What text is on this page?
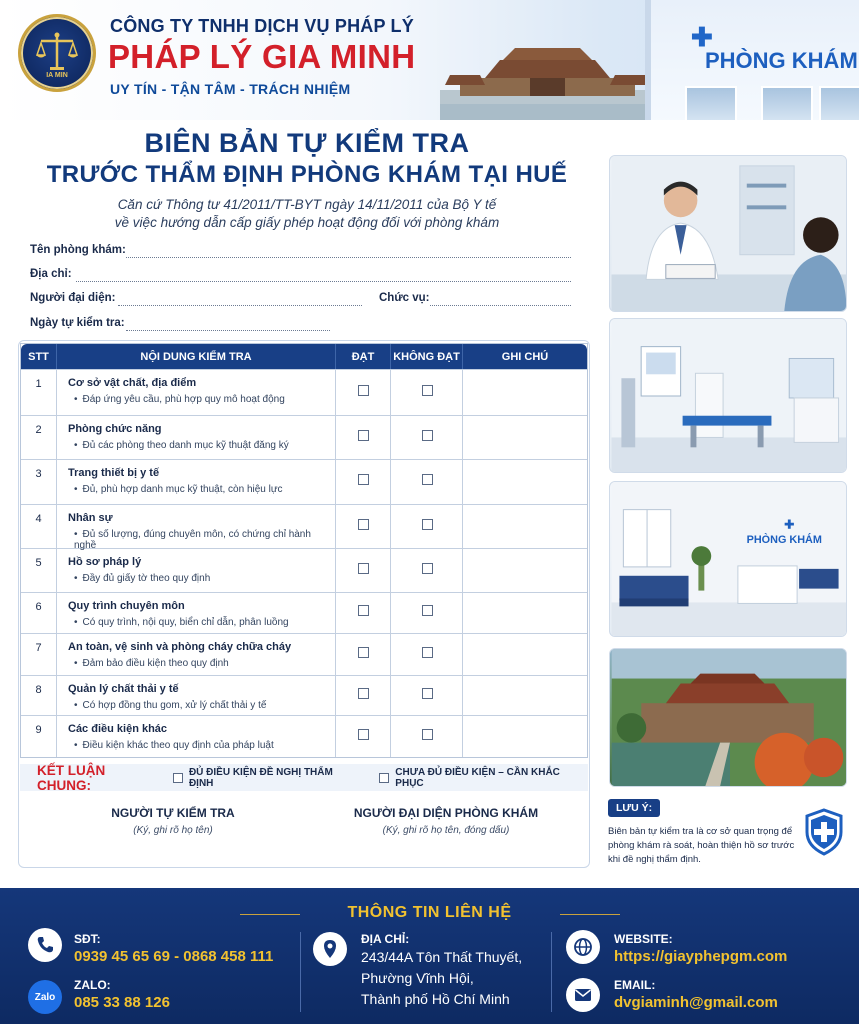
IA MIN
CÔNG TY TNHH DỊCH VỤ PHÁP LÝ
PHÁP LÝ GIA MINH
UY TÍN - TẬN TÂM - TRÁCH NHIỆM
✚
PHÒNG KHÁM
BIÊN BẢN TỰ KIỂM TRA
TRƯỚC THẨM ĐỊNH PHÒNG KHÁM TẠI HUẾ
Căn cứ Thông tư 41/2011/TT-BYT ngày 14/11/2011 của Bộ Y tế
về việc hướng dẫn cấp giấy phép hoạt động đối với phòng khám
Tên phòng khám:
Địa chỉ:
Người đại diện:	Chức vụ:
Ngày tự kiểm tra:
STT	NỘI DUNG KIỂM TRA	ĐẠT	KHÔNG ĐẠT	GHI CHÚ
1	Cơ sở vật chất, địa điểm
• Đáp ứng yêu cầu, phù hợp quy mô hoạt động
2	Phòng chức năng
• Đủ các phòng theo danh mục kỹ thuật đăng ký
3	Trang thiết bị y tế
• Đủ, phù hợp danh mục kỹ thuật, còn hiệu lực
4	Nhân sự
• Đủ số lượng, đúng chuyên môn, có chứng chỉ hành nghề
5	Hồ sơ pháp lý
• Đầy đủ giấy tờ theo quy định
6	Quy trình chuyên môn
• Có quy trình, nội quy, biển chỉ dẫn, phân luồng
7	An toàn, vệ sinh và phòng cháy chữa cháy
• Đảm bảo điều kiện theo quy định
8	Quản lý chất thải y tế
• Có hợp đồng thu gom, xử lý chất thải y tế
9	Các điều kiện khác
• Điều kiện khác theo quy định của pháp luật
KẾT LUẬN CHUNG:
ĐỦ ĐIỀU KIỆN ĐỀ NGHỊ THẨM ĐỊNH
CHƯA ĐỦ ĐIỀU KIỆN – CẦN KHẮC PHỤC
NGƯỜI TỰ KIỂM TRA
(Ký, ghi rõ họ tên)
NGƯỜI ĐẠI DIỆN PHÒNG KHÁM
(Ký, ghi rõ họ tên, đóng dấu)
PHÒNG KHÁM
✚
LƯU Ý:
Biên bản tự kiểm tra là cơ sở quan trọng để phòng khám rà soát, hoàn thiện hồ sơ trước khi đề nghị thẩm định.
THÔNG TIN LIÊN HỆ
SĐT:
0939 45 65 69 - 0868 458 111
Zalo
ZALO:
085 33 88 126
ĐỊA CHỈ:
243/44A Tôn Thất Thuyết,
Phường Vĩnh Hội,
Thành phố Hồ Chí Minh
WEBSITE:
https://giayphepgm.com
EMAIL:
dvgiaminh@gmail.com
